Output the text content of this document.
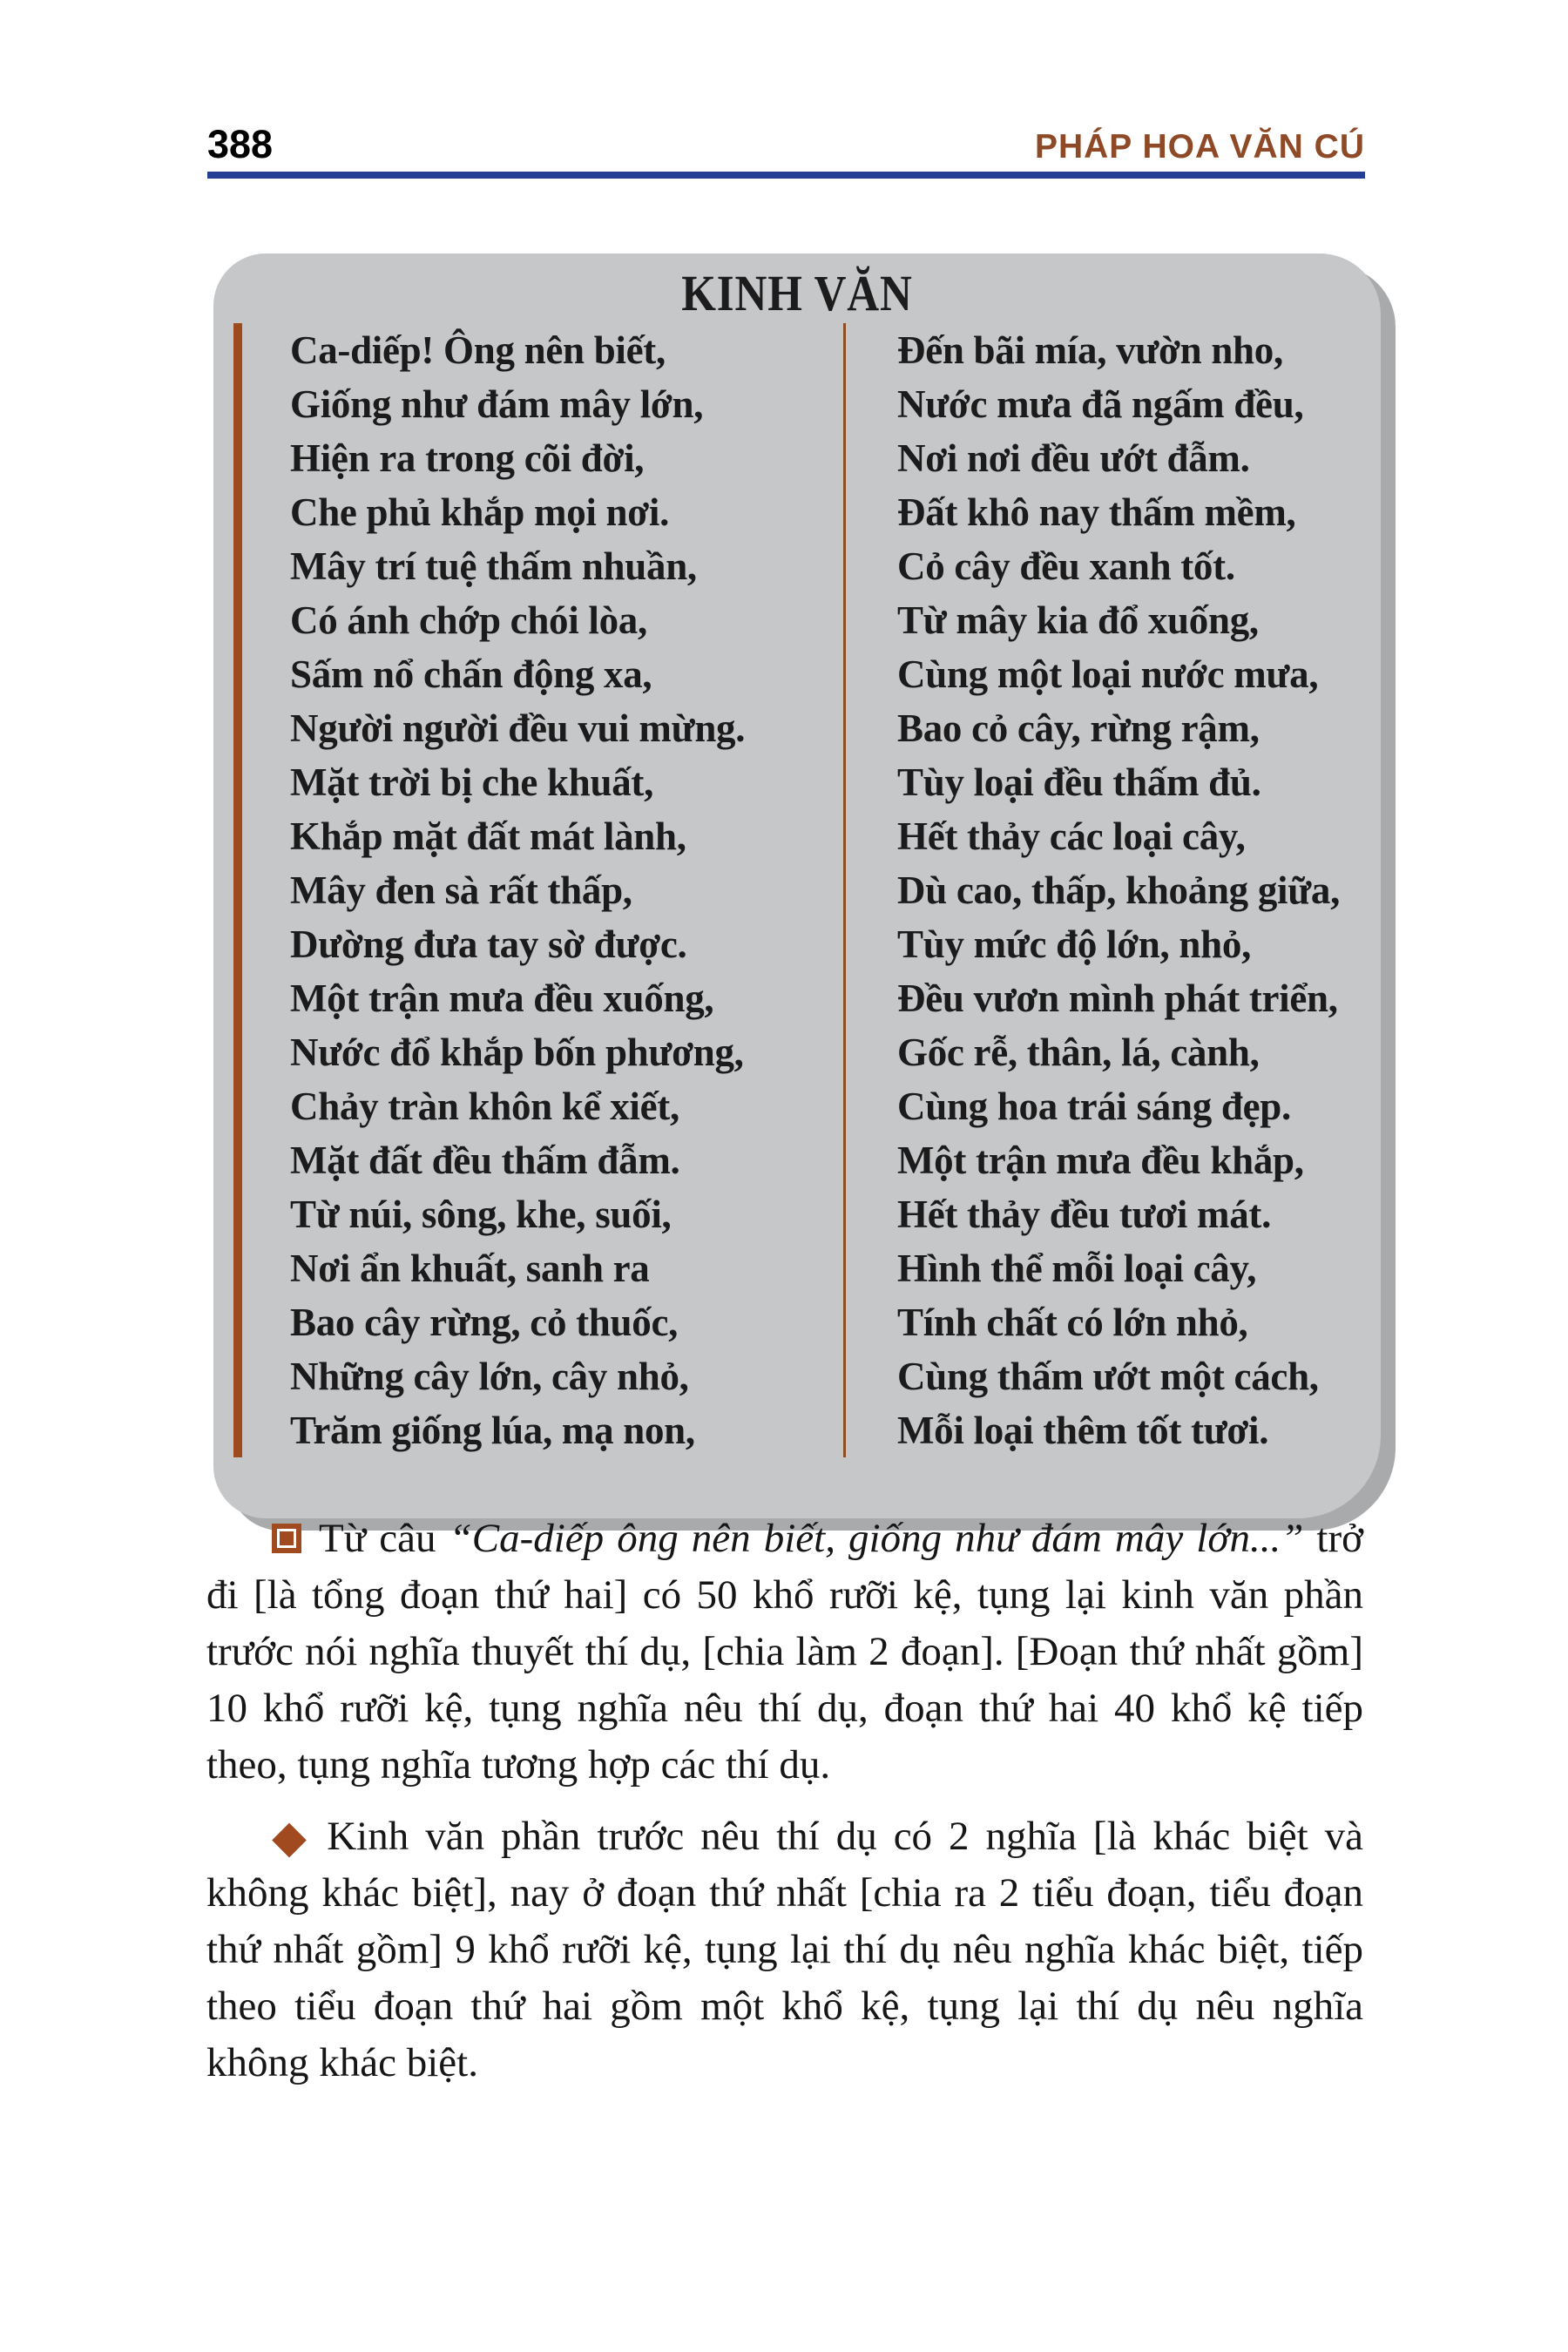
388	PHÁP HOA VĂN CÚ
KINH VĂN
Ca-diếp! Ông nên biết,
Giống như đám mây lớn,
Hiện ra trong cõi đời,
Che phủ khắp mọi nơi.
Mây trí tuệ thấm nhuần,
Có ánh chớp chói lòa,
Sấm nổ chấn động xa,
Người người đều vui mừng.
Mặt trời bị che khuất,
Khắp mặt đất mát lành,
Mây đen sà rất thấp,
Dường đưa tay sờ được.
Một trận mưa đều xuống,
Nước đổ khắp bốn phương,
Chảy tràn khôn kể xiết,
Mặt đất đều thấm đẫm.
Từ núi, sông, khe, suối,
Nơi ẩn khuất, sanh ra
Bao cây rừng, cỏ thuốc,
Những cây lớn, cây nhỏ,
Trăm giống lúa, mạ non,
Đến bãi mía, vườn nho,
Nước mưa đã ngấm đều,
Nơi nơi đều ướt đẫm.
Đất khô nay thấm mềm,
Cỏ cây đều xanh tốt.
Từ mây kia đổ xuống,
Cùng một loại nước mưa,
Bao cỏ cây, rừng rậm,
Tùy loại đều thấm đủ.
Hết thảy các loại cây,
Dù cao, thấp, khoảng giữa,
Tùy mức độ lớn, nhỏ,
Đều vươn mình phát triển,
Gốc rễ, thân, lá, cành,
Cùng hoa trái sáng đẹp.
Một trận mưa đều khắp,
Hết thảy đều tươi mát.
Hình thể mỗi loại cây,
Tính chất có lớn nhỏ,
Cùng thấm ướt một cách,
Mỗi loại thêm tốt tươi.

Từ câu “Ca-diếp ông nên biết, giống như đám mây lớn...” trở đi [là tổng đoạn thứ hai] có 50 khổ rưỡi kệ, tụng lại kinh văn phần trước nói nghĩa thuyết thí dụ, [chia làm 2 đoạn]. [Đoạn thứ nhất gồm] 10 khổ rưỡi kệ, tụng nghĩa nêu thí dụ, đoạn thứ hai 40 khổ kệ tiếp theo, tụng nghĩa tương hợp các thí dụ.

◆ Kinh văn phần trước nêu thí dụ có 2 nghĩa [là khác biệt và không khác biệt], nay ở đoạn thứ nhất [chia ra 2 tiểu đoạn, tiểu đoạn thứ nhất gồm] 9 khổ rưỡi kệ, tụng lại thí dụ nêu nghĩa khác biệt, tiếp theo tiểu đoạn thứ hai gồm một khổ kệ, tụng lại thí dụ nêu nghĩa không khác biệt.
